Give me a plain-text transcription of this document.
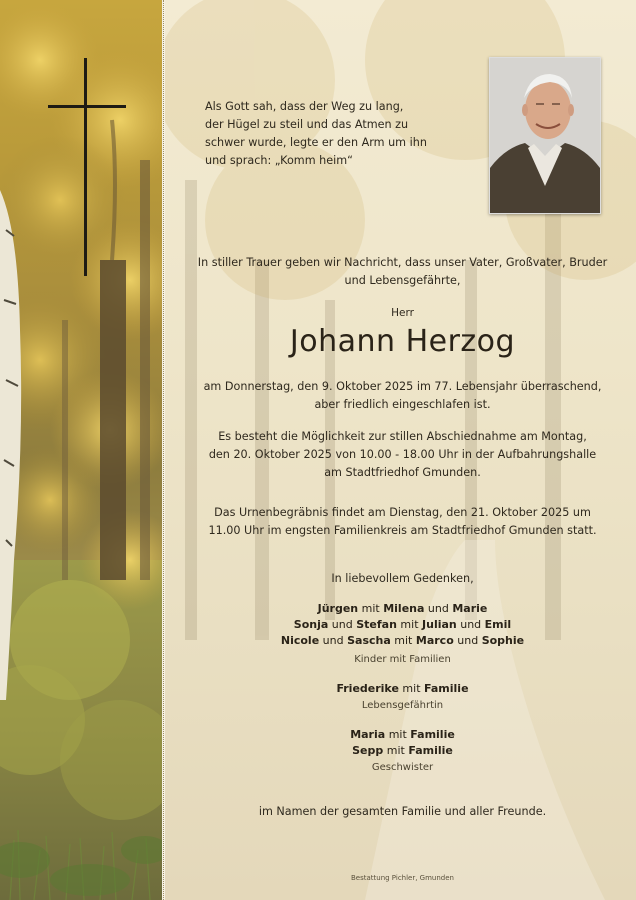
Als Gott sah, dass der Weg zu lang,
der Hügel zu steil und das Atmen zu
schwer wurde, legte er den Arm um ihn
und sprach: „Komm heim“
In stiller Trauer geben wir Nachricht, dass unser Vater, Großvater, Bruder
und Lebensgefährte,
Herr
Johann Herzog
am Donnerstag, den 9. Oktober 2025 im 77. Lebensjahr überraschend,
aber friedlich eingeschlafen ist.
Es besteht die Möglichkeit zur stillen Abschiednahme am Montag,
den 20. Oktober 2025 von 10.00 - 18.00 Uhr in der Aufbahrungshalle
am Stadtfriedhof Gmunden.
Das Urnenbegräbnis findet am Dienstag, den 21. Oktober 2025 um
11.00 Uhr im engsten Familienkreis am Stadtfriedhof Gmunden statt.
In liebevollem Gedenken,
Jürgen mit Milena und Marie
Sonja und Stefan mit Julian und Emil
Nicole und Sascha mit Marco und Sophie
Kinder mit Familien
Friederike mit Familie
Lebensgefährtin
Maria mit Familie
Sepp mit Familie
Geschwister
im Namen der gesamten Familie und aller Freunde.
Bestattung Pichler, Gmunden
